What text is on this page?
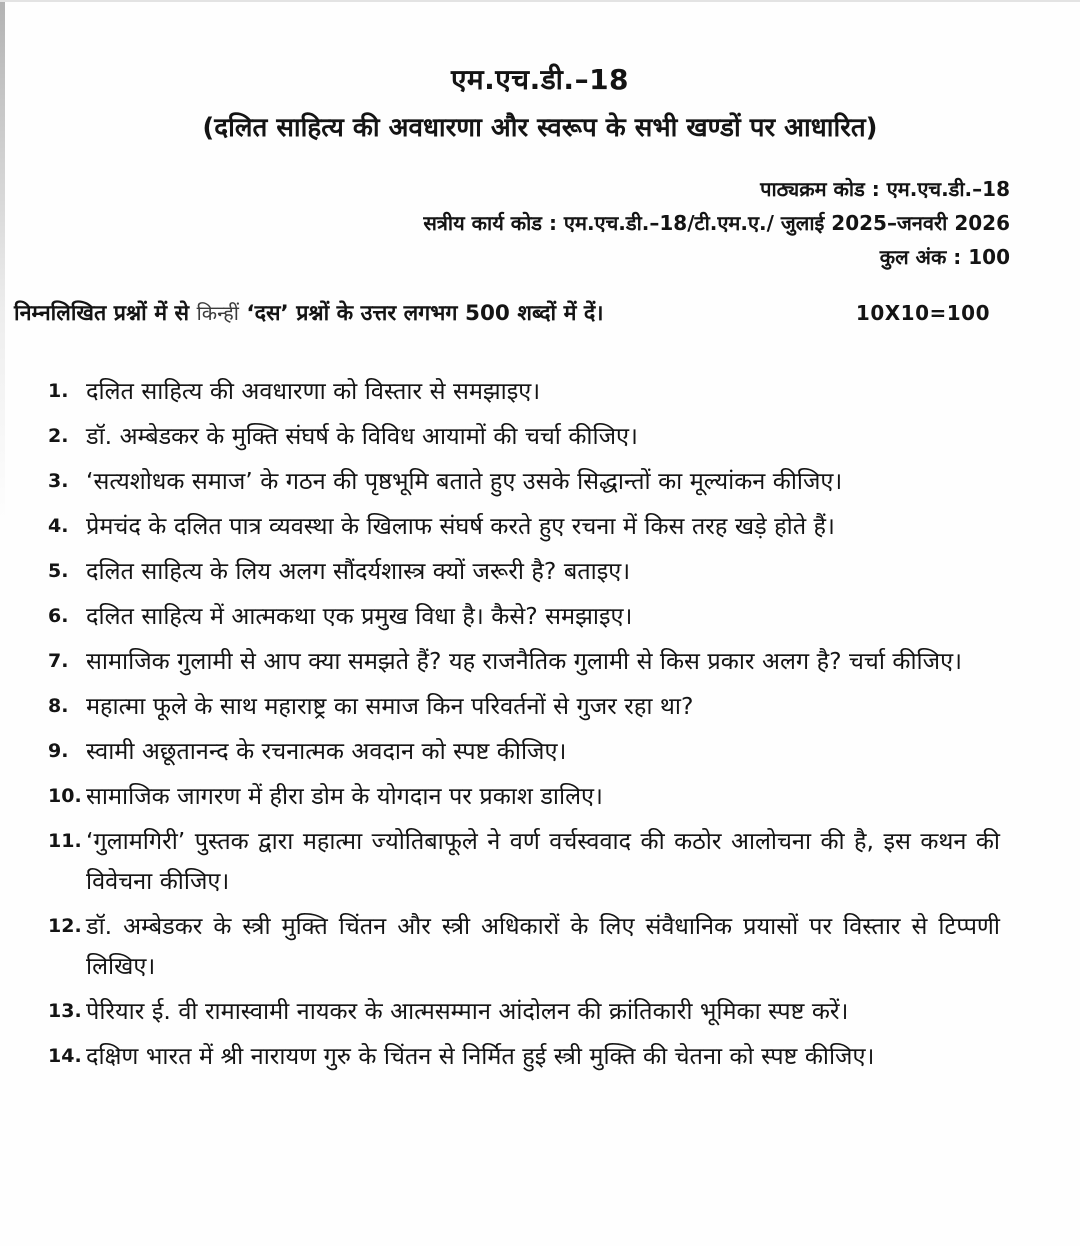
एम.एच.डी.–18
(दलित साहित्य की अवधारणा और स्वरूप के सभी खण्डों पर आधारित)
पाठ्यक्रम कोड : एम.एच.डी.–18
सत्रीय कार्य कोड : एम.एच.डी.–18/टी.एम.ए./ जुलाई 2025–जनवरी 2026
कुल अंक : 100
निम्नलिखित प्रश्नों में से किन्हीं ‘दस’ प्रश्नों के उत्तर लगभग 500 शब्दों में दें।	10X10=100
1. दलित साहित्य की अवधारणा को विस्तार से समझाइए।
2. डॉ. अम्बेडकर के मुक्ति संघर्ष के विविध आयामों की चर्चा कीजिए।
3. ‘सत्यशोधक समाज’ के गठन की पृष्ठभूमि बताते हुए उसके सिद्धान्तों का मूल्यांकन कीजिए।
4. प्रेमचंद के दलित पात्र व्यवस्था के खिलाफ संघर्ष करते हुए रचना में किस तरह खड़े होते हैं।
5. दलित साहित्य के लिय अलग सौंदर्यशास्त्र क्यों जरूरी है? बताइए।
6. दलित साहित्य में आत्मकथा एक प्रमुख विधा है। कैसे? समझाइए।
7. सामाजिक गुलामी से आप क्या समझते हैं? यह राजनैतिक गुलामी से किस प्रकार अलग है? चर्चा कीजिए।
8. महात्मा फूले के साथ महाराष्ट्र का समाज किन परिवर्तनों से गुजर रहा था?
9. स्वामी अछूतानन्द के रचनात्मक अवदान को स्पष्ट कीजिए।
10. सामाजिक जागरण में हीरा डोम के योगदान पर प्रकाश डालिए।
11. ‘गुलामगिरी’ पुस्तक द्वारा महात्मा ज्योतिबाफूले ने वर्ण वर्चस्ववाद की कठोर आलोचना की है, इस कथन की विवेचना कीजिए।
12. डॉ. अम्बेडकर के स्त्री मुक्ति चिंतन और स्त्री अधिकारों के लिए संवैधानिक प्रयासों पर विस्तार से टिप्पणी लिखिए।
13. पेरियार ई. वी रामास्वामी नायकर के आत्मसम्मान आंदोलन की क्रांतिकारी भूमिका स्पष्ट करें।
14. दक्षिण भारत में श्री नारायण गुरु के चिंतन से निर्मित हुई स्त्री मुक्ति की चेतना को स्पष्ट कीजिए।
